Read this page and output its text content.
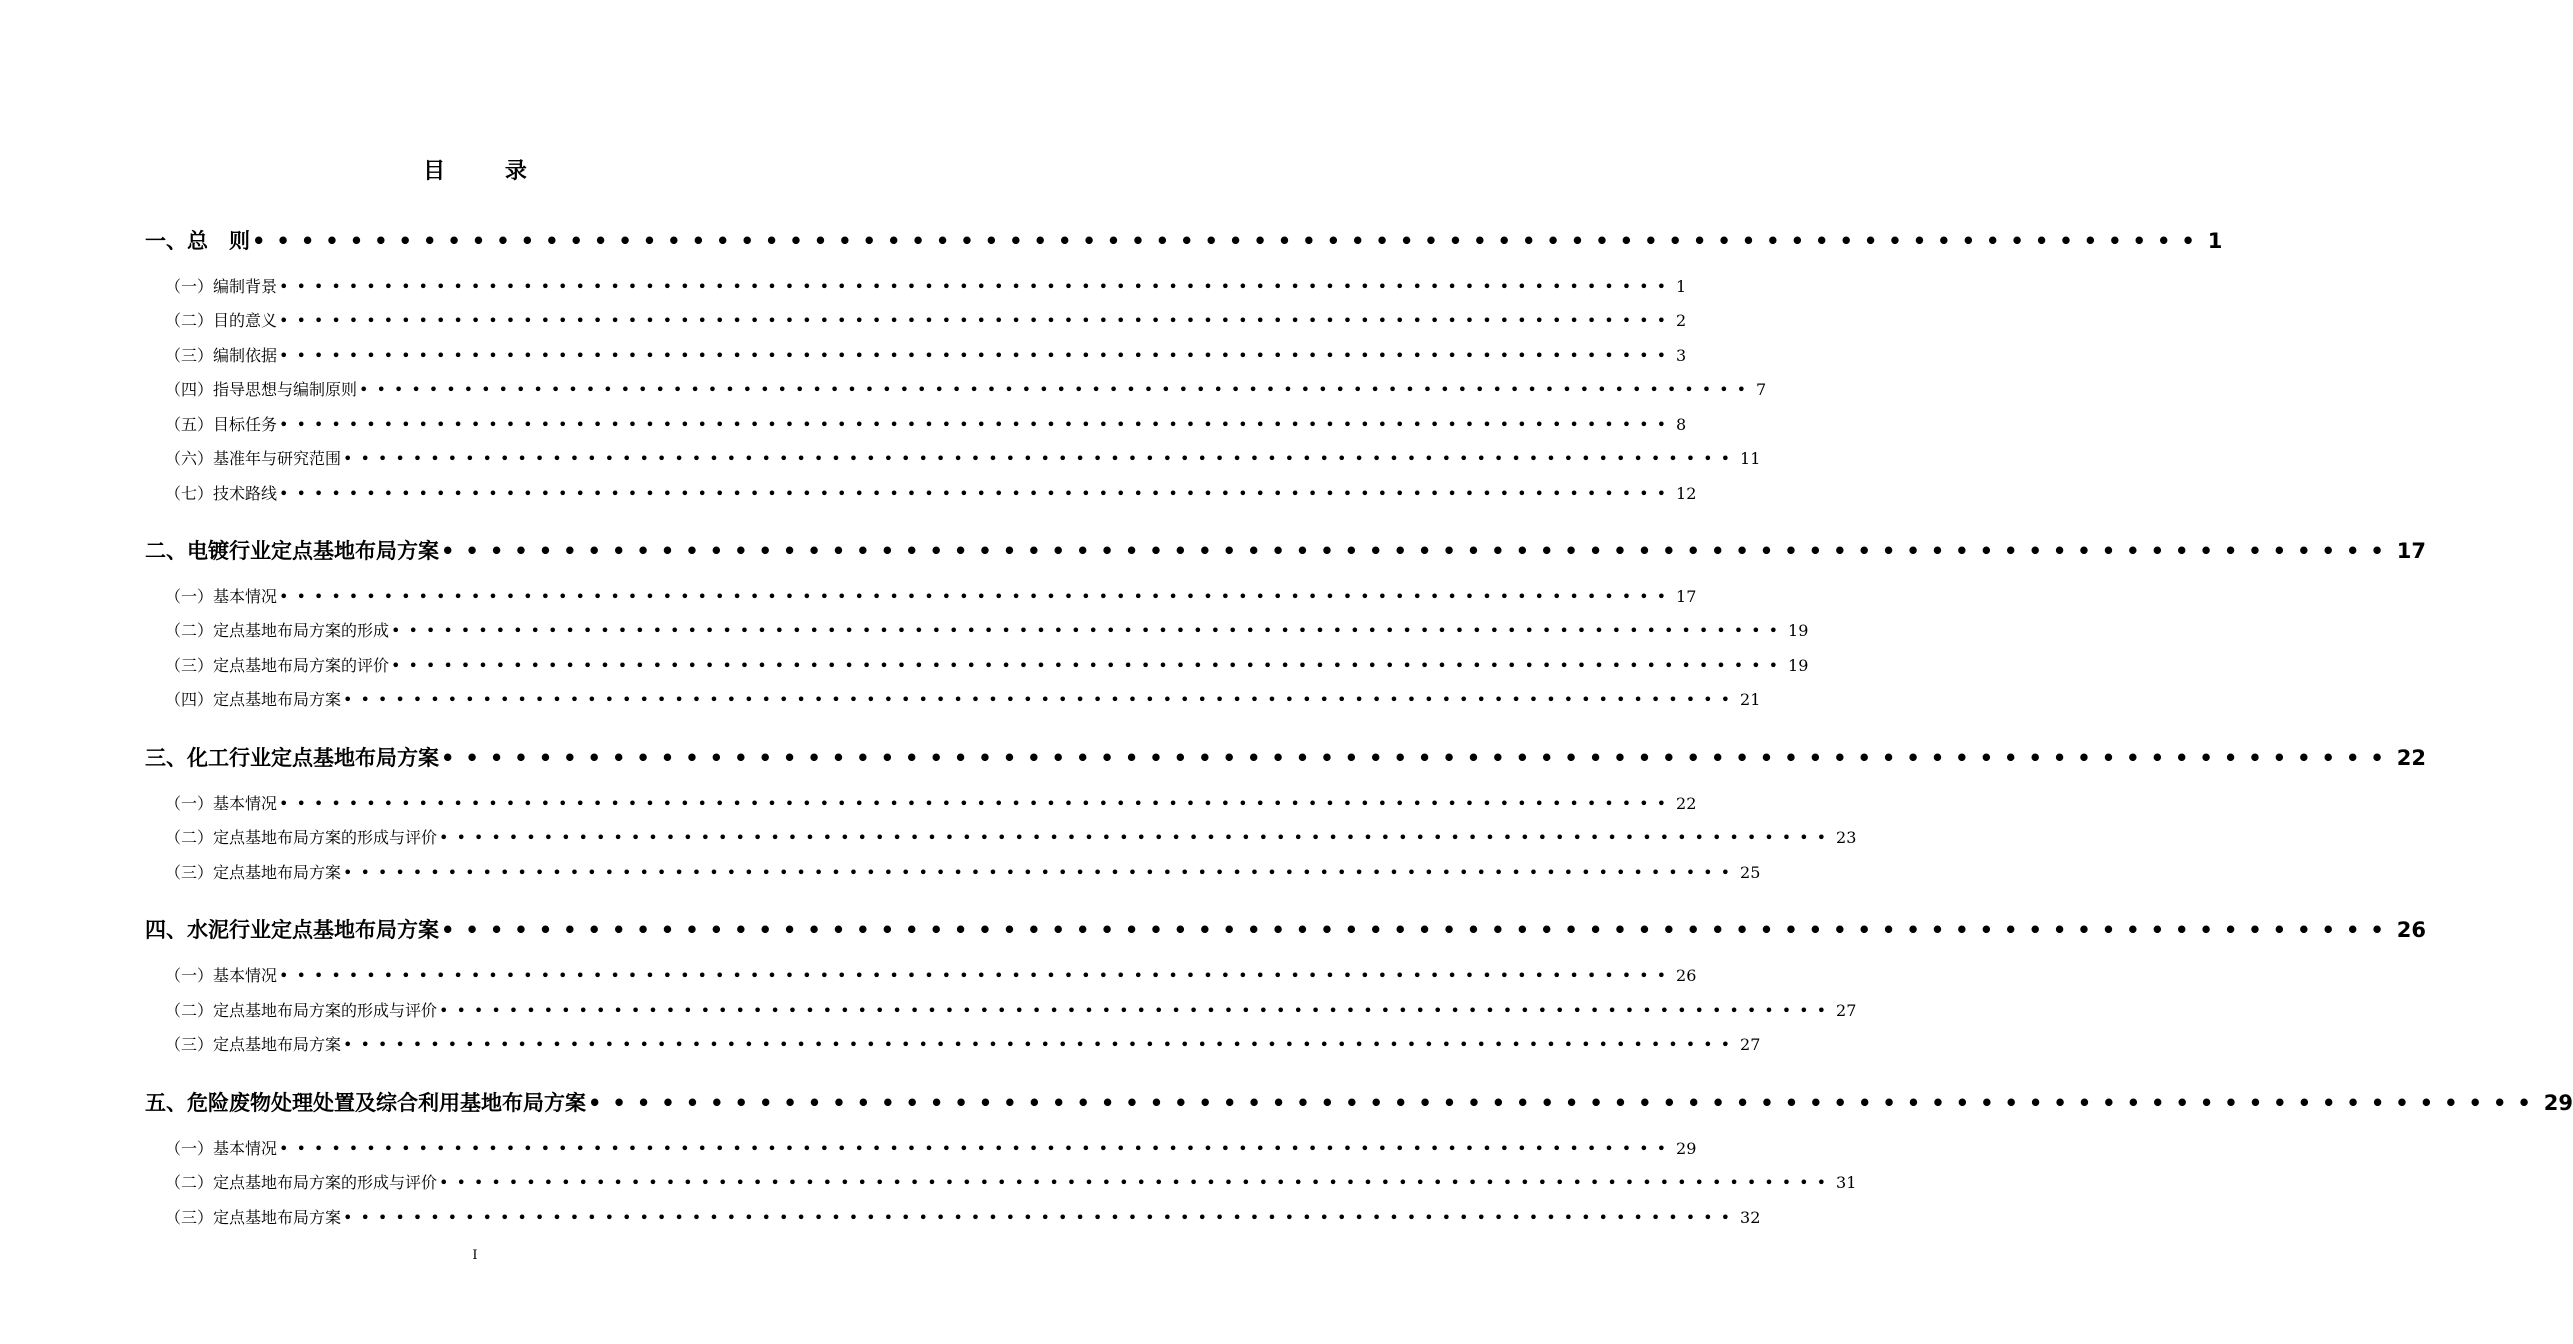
目 录
一、总　则 •••••••••••••••••••••••••••••••••••••••••••••••••••••••••••••••••••••••••••••••• 1
（一）编制背景 •••••••••••••••••••••••••••••••••••••••••••••••••••••••••••••••••••••••••••••••• 1
（二）目的意义 •••••••••••••••••••••••••••••••••••••••••••••••••••••••••••••••••••••••••••••••• 2
（三）编制依据 •••••••••••••••••••••••••••••••••••••••••••••••••••••••••••••••••••••••••••••••• 3
（四）指导思想与编制原则 •••••••••••••••••••••••••••••••••••••••••••••••••••••••••••••••••••••••••••••••• 7
（五）目标任务 •••••••••••••••••••••••••••••••••••••••••••••••••••••••••••••••••••••••••••••••• 8
（六）基准年与研究范围 •••••••••••••••••••••••••••••••••••••••••••••••••••••••••••••••••••••••••••••••• 11
（七）技术路线 •••••••••••••••••••••••••••••••••••••••••••••••••••••••••••••••••••••••••••••••• 12
二、电镀行业定点基地布局方案 •••••••••••••••••••••••••••••••••••••••••••••••••••••••••••••••••••••••••••••••• 17
（一）基本情况 •••••••••••••••••••••••••••••••••••••••••••••••••••••••••••••••••••••••••••••••• 17
（二）定点基地布局方案的形成 •••••••••••••••••••••••••••••••••••••••••••••••••••••••••••••••••••••••••••••••• 19
（三）定点基地布局方案的评价 •••••••••••••••••••••••••••••••••••••••••••••••••••••••••••••••••••••••••••••••• 19
（四）定点基地布局方案 •••••••••••••••••••••••••••••••••••••••••••••••••••••••••••••••••••••••••••••••• 21
三、化工行业定点基地布局方案 •••••••••••••••••••••••••••••••••••••••••••••••••••••••••••••••••••••••••••••••• 22
（一）基本情况 •••••••••••••••••••••••••••••••••••••••••••••••••••••••••••••••••••••••••••••••• 22
（二）定点基地布局方案的形成与评价 •••••••••••••••••••••••••••••••••••••••••••••••••••••••••••••••••••••••••••••••• 23
（三）定点基地布局方案 •••••••••••••••••••••••••••••••••••••••••••••••••••••••••••••••••••••••••••••••• 25
四、水泥行业定点基地布局方案 •••••••••••••••••••••••••••••••••••••••••••••••••••••••••••••••••••••••••••••••• 26
（一）基本情况 •••••••••••••••••••••••••••••••••••••••••••••••••••••••••••••••••••••••••••••••• 26
（二）定点基地布局方案的形成与评价 •••••••••••••••••••••••••••••••••••••••••••••••••••••••••••••••••••••••••••••••• 27
（三）定点基地布局方案 •••••••••••••••••••••••••••••••••••••••••••••••••••••••••••••••••••••••••••••••• 27
五、危险废物处理处置及综合利用基地布局方案 •••••••••••••••••••••••••••••••••••••••••••••••••••••••••••••••••••••••••••••••• 29
（一）基本情况 •••••••••••••••••••••••••••••••••••••••••••••••••••••••••••••••••••••••••••••••• 29
（二）定点基地布局方案的形成与评价 •••••••••••••••••••••••••••••••••••••••••••••••••••••••••••••••••••••••••••••••• 31
（三）定点基地布局方案 •••••••••••••••••••••••••••••••••••••••••••••••••••••••••••••••••••••••••••••••• 32
I
